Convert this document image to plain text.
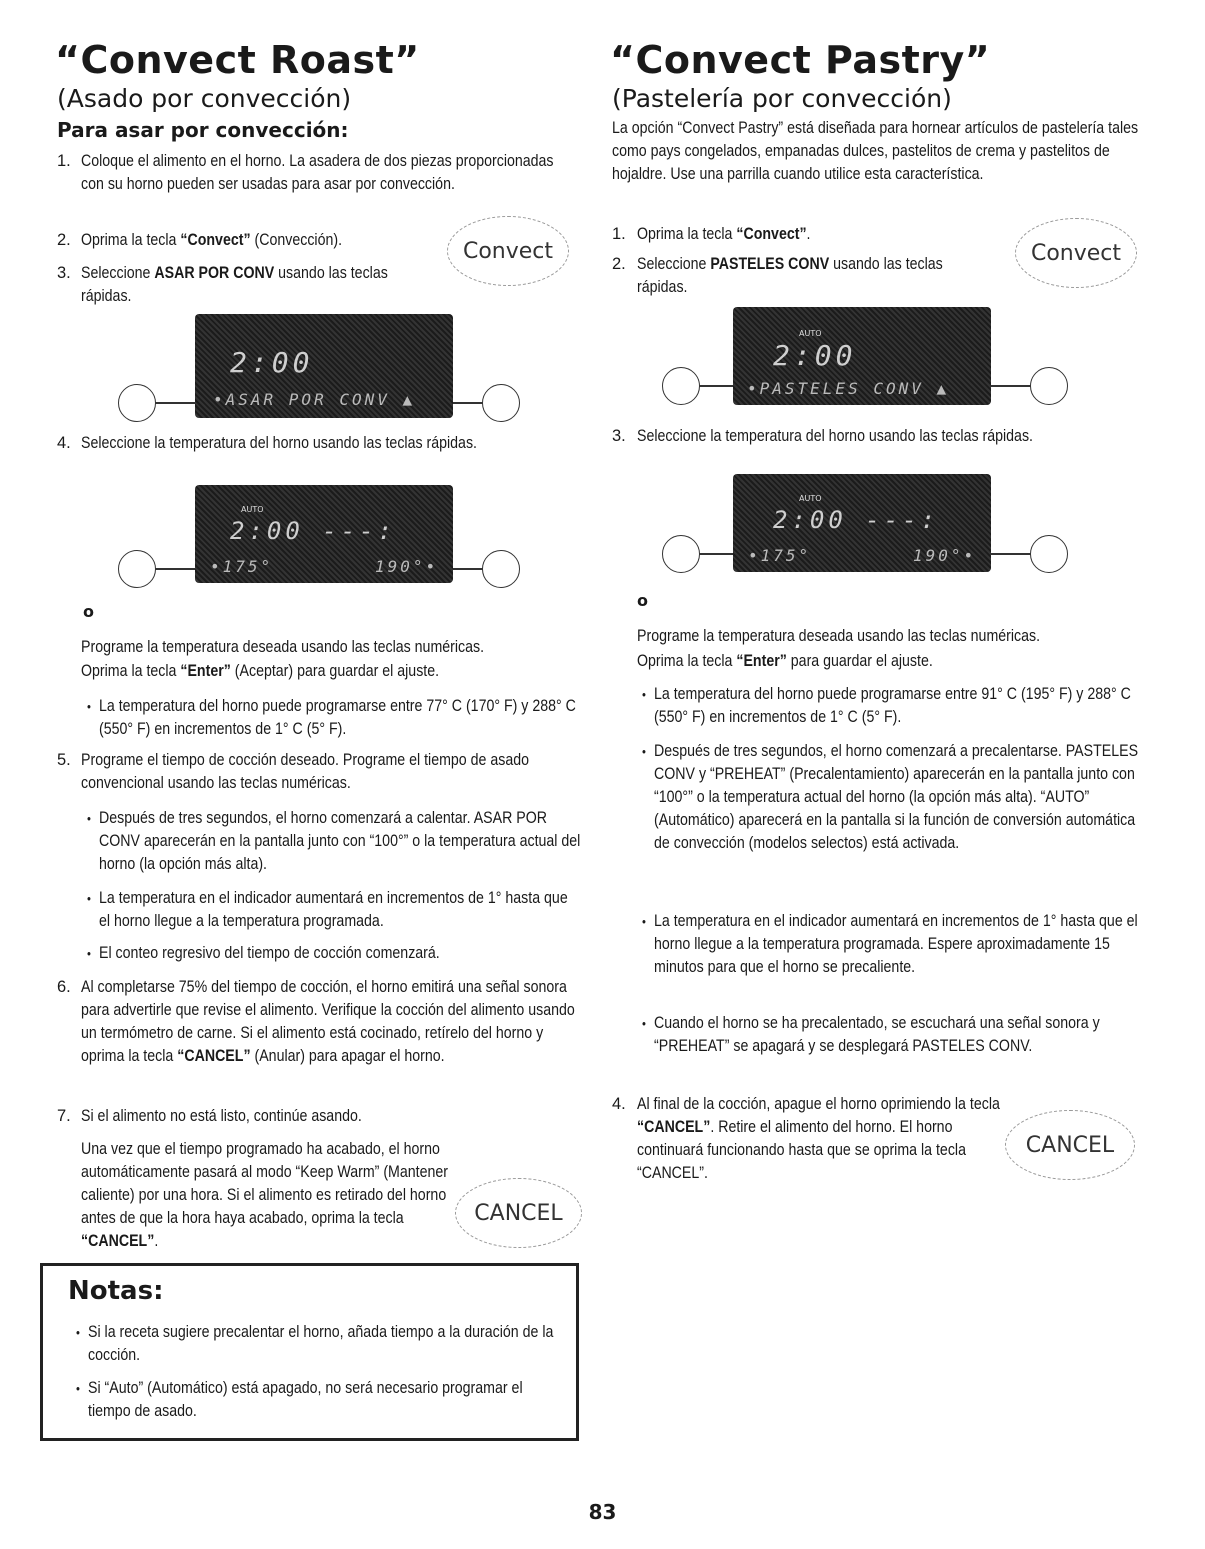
“Convect Roast”
(Asado por convección)
Para asar por convección:
1. Coloque el alimento en el horno. La asadera de dos piezas proporcionadas con su horno pueden ser usadas para asar por convección.
2. Oprima la tecla “Convect” (Convección).
3. Seleccione ASAR POR CONV usando las teclas rápidas.
Convect
2:00
•ASAR POR CONV ▲
4. Seleccione la temperatura del horno usando las teclas rápidas.
AUTO
2:00 ---:
•175°	190°•
o
Programe la temperatura deseada usando las teclas numéricas.
Oprima la tecla “Enter” (Aceptar) para guardar el ajuste.
• La temperatura del horno puede programarse entre 77° C (170° F) y 288° C (550° F) en incrementos de 1° C (5° F).
5. Programe el tiempo de cocción deseado. Programe el tiempo de asado convencional usando las teclas numéricas.
• Después de tres segundos, el horno comenzará a calentar. ASAR POR CONV aparecerán en la pantalla junto con “100°” o la temperatura actual del horno (la opción más alta).
• La temperatura en el indicador aumentará en incrementos de 1° hasta que el horno llegue a la temperatura programada.
• El conteo regresivo del tiempo de cocción comenzará.
6. Al completarse 75% del tiempo de cocción, el horno emitirá una señal sonora para advertirle que revise el alimento. Verifique la cocción del alimento usando un termómetro de carne. Si el alimento está cocinado, retírelo del horno y oprima la tecla “CANCEL” (Anular) para apagar el horno.
7. Si el alimento no está listo, continúe asando.
Una vez que el tiempo programado ha acabado, el horno automáticamente pasará al modo “Keep Warm” (Mantener caliente) por una hora. Si el alimento es retirado del horno antes de que la hora haya acabado, oprima la tecla “CANCEL”.
CANCEL
Notas:
• Si la receta sugiere precalentar el horno, añada tiempo a la duración de la cocción.
• Si “Auto” (Automático) está apagado, no será necesario programar el tiempo de asado.
“Convect Pastry”
(Pastelería por convección)
La opción “Convect Pastry” está diseñada para hornear artículos de pastelería tales como pays congelados, empanadas dulces, pastelitos de crema y pastelitos de hojaldre. Use una parrilla cuando utilice esta característica.
1. Oprima la tecla “Convect”.
2. Seleccione PASTELES CONV usando las teclas rápidas.
Convect
AUTO
2:00
•PASTELES CONV ▲
3. Seleccione la temperatura del horno usando las teclas rápidas.
AUTO
2:00 ---:
•175°	190°•
o
Programe la temperatura deseada usando las teclas numéricas.
Oprima la tecla “Enter” para guardar el ajuste.
• La temperatura del horno puede programarse entre 91° C (195° F) y 288° C (550° F) en incrementos de 1° C (5° F).
• Después de tres segundos, el horno comenzará a precalentarse. PASTELES CONV y “PREHEAT” (Precalentamiento) aparecerán en la pantalla junto con “100°” o la temperatura actual del horno (la opción más alta). “AUTO” (Automático) aparecerá en la pantalla si la función de conversión automática de convección (modelos selectos) está activada.
• La temperatura en el indicador aumentará en incrementos de 1° hasta que el horno llegue a la temperatura programada. Espere aproximadamente 15 minutos para que el horno se precaliente.
• Cuando el horno se ha precalentado, se escuchará una señal sonora y “PREHEAT” se apagará y se desplegará PASTELES CONV.
4. Al final de la cocción, apague el horno oprimiendo la tecla
“CANCEL”. Retire el alimento del horno. El horno continuará funcionando hasta que se oprima la tecla “CANCEL”.
CANCEL
83
